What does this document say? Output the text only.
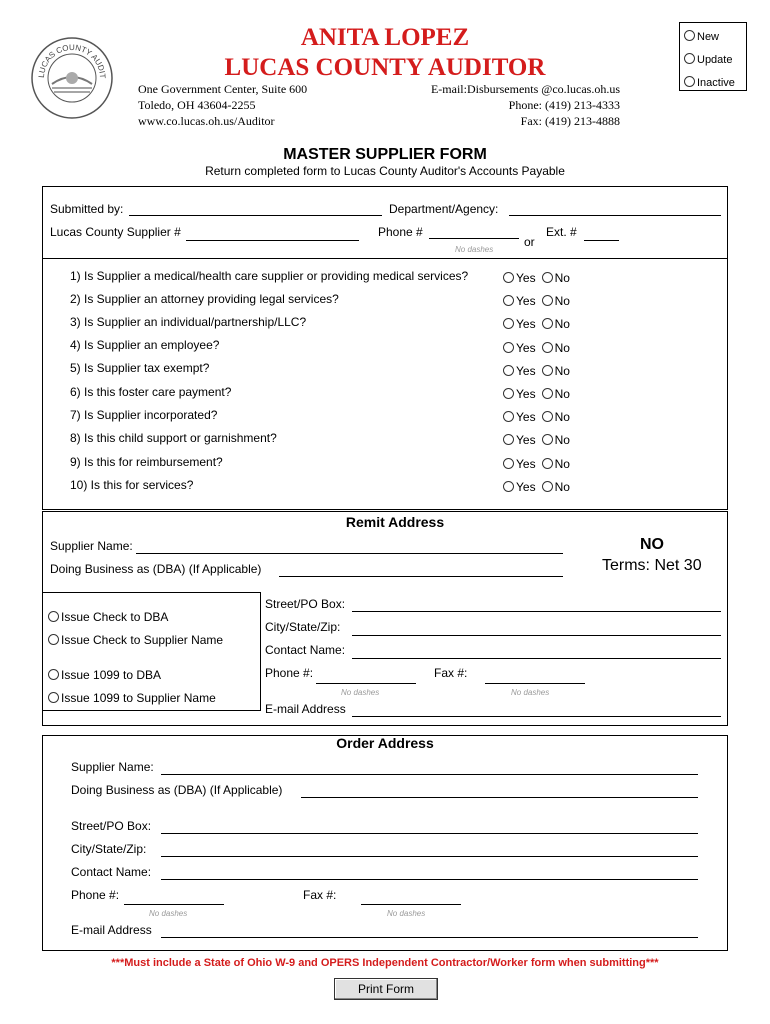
LUCAS COUNTY AUDIT
ANITA LOPEZ
LUCAS COUNTY AUDITOR
One Government Center, Suite 600
Toledo, OH 43604-2255
www.co.lucas.oh.us/Auditor
E-mail:Disbursements @co.lucas.oh.us
Phone: (419) 213-4333
Fax: (419) 213-4888
New
Update
Inactive
MASTER SUPPLIER FORM
Return completed form to Lucas County Auditor's Accounts Payable
Submitted by:	Department/Agency:
Lucas County Supplier #	Phone #
No dashes
or
Ext. #
1) Is Supplier a medical/health care supplier or providing medical services?
2) Is Supplier an attorney providing legal services?
3) Is Supplier an individual/partnership/LLC?
4) Is Supplier an employee?
5) Is Supplier tax exempt?
6) Is this foster care payment?
7) Is Supplier incorporated?
8) Is this child support or garnishment?
9) Is this for reimbursement?
10) Is this for services?
Yes No
Yes No
Yes No
Yes No
Yes No
Yes No
Yes No
Yes No
Yes No
Yes No
Remit Address
Supplier Name:
Doing Business as (DBA) (If Applicable)
NO
Terms: Net 30
Issue Check to DBA
Issue Check to Supplier Name
Issue 1099 to DBA
Issue 1099 to Supplier Name
Street/PO Box:
City/State/Zip:
Contact Name:
Phone #:
No dashes
Fax #:
No dashes
E-mail Address
Order Address
Supplier Name:
Doing Business as (DBA) (If Applicable)
Street/PO Box:
City/State/Zip:
Contact Name:
Phone #:
No dashes
Fax #:
No dashes
E-mail Address
***Must include a State of Ohio W-9 and OPERS Independent Contractor/Worker form when submitting***
Print Form
